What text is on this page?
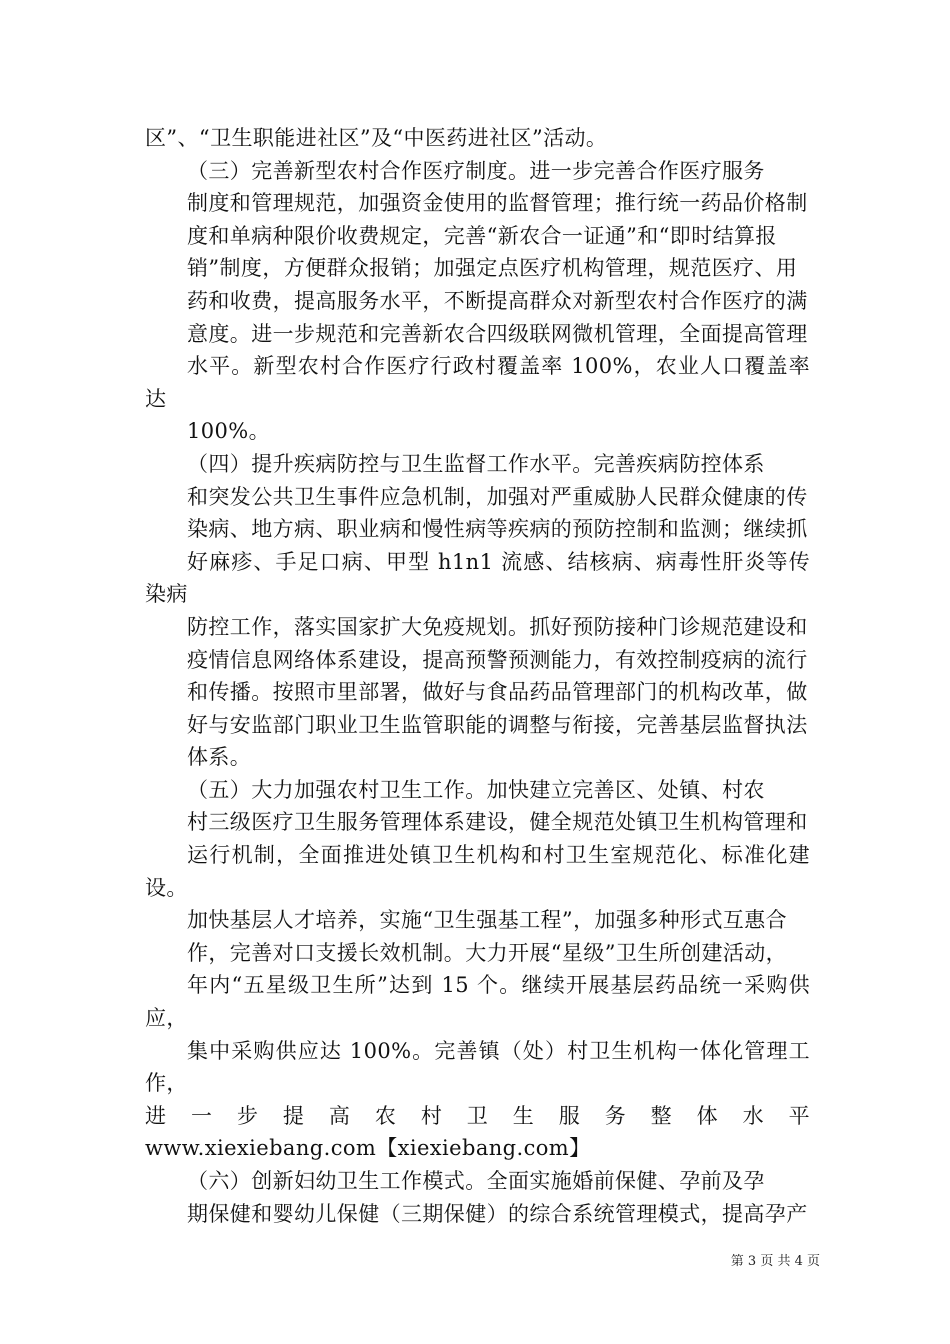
区”、“卫生职能进社区”及“中医药进社区”活动。

（三）完善新型农村合作医疗制度。进一步完善合作医疗服务
制度和管理规范，加强资金使用的监督管理；推行统一药品价格制
度和单病种限价收费规定，完善“新农合一证通”和“即时结算报
销”制度，方便群众报销；加强定点医疗机构管理，规范医疗、用
药和收费，提高服务水平，不断提高群众对新型农村合作医疗的满
意度。进一步规范和完善新农合四级联网微机管理，全面提高管理
水平。新型农村合作医疗行政村覆盖率 100%，农业人口覆盖率达
100%。

（四）提升疾病防控与卫生监督工作水平。完善疾病防控体系
和突发公共卫生事件应急机制，加强对严重威胁人民群众健康的传
染病、地方病、职业病和慢性病等疾病的预防控制和监测；继续抓
好麻疹、手足口病、甲型 h1n1 流感、结核病、病毒性肝炎等传染病
防控工作，落实国家扩大免疫规划。抓好预防接种门诊规范建设和
疫情信息网络体系建设，提高预警预测能力，有效控制疫病的流行
和传播。按照市里部署，做好与食品药品管理部门的机构改革，做
好与安监部门职业卫生监管职能的调整与衔接，完善基层监督执法
体系。

（五）大力加强农村卫生工作。加快建立完善区、处镇、村农
村三级医疗卫生服务管理体系建设，健全规范处镇卫生机构管理和
运行机制，全面推进处镇卫生机构和村卫生室规范化、标准化建设。
加快基层人才培养，实施“卫生强基工程”，加强多种形式互惠合
作，完善对口支援长效机制。大力开展“星级”卫生所创建活动，
年内“五星级卫生所”达到 15 个。继续开展基层药品统一采购供应，
集中采购供应达 100%。完善镇（处）村卫生机构一体化管理工作，
进 一 步 提 高 农 村 卫 生 服 务 整 体 水 平
www.xiexiebang.com【xiexiebang.com】

（六）创新妇幼卫生工作模式。全面实施婚前保健、孕前及孕
期保健和婴幼儿保健（三期保健）的综合系统管理模式，提高孕产

第 3 页 共 4 页
